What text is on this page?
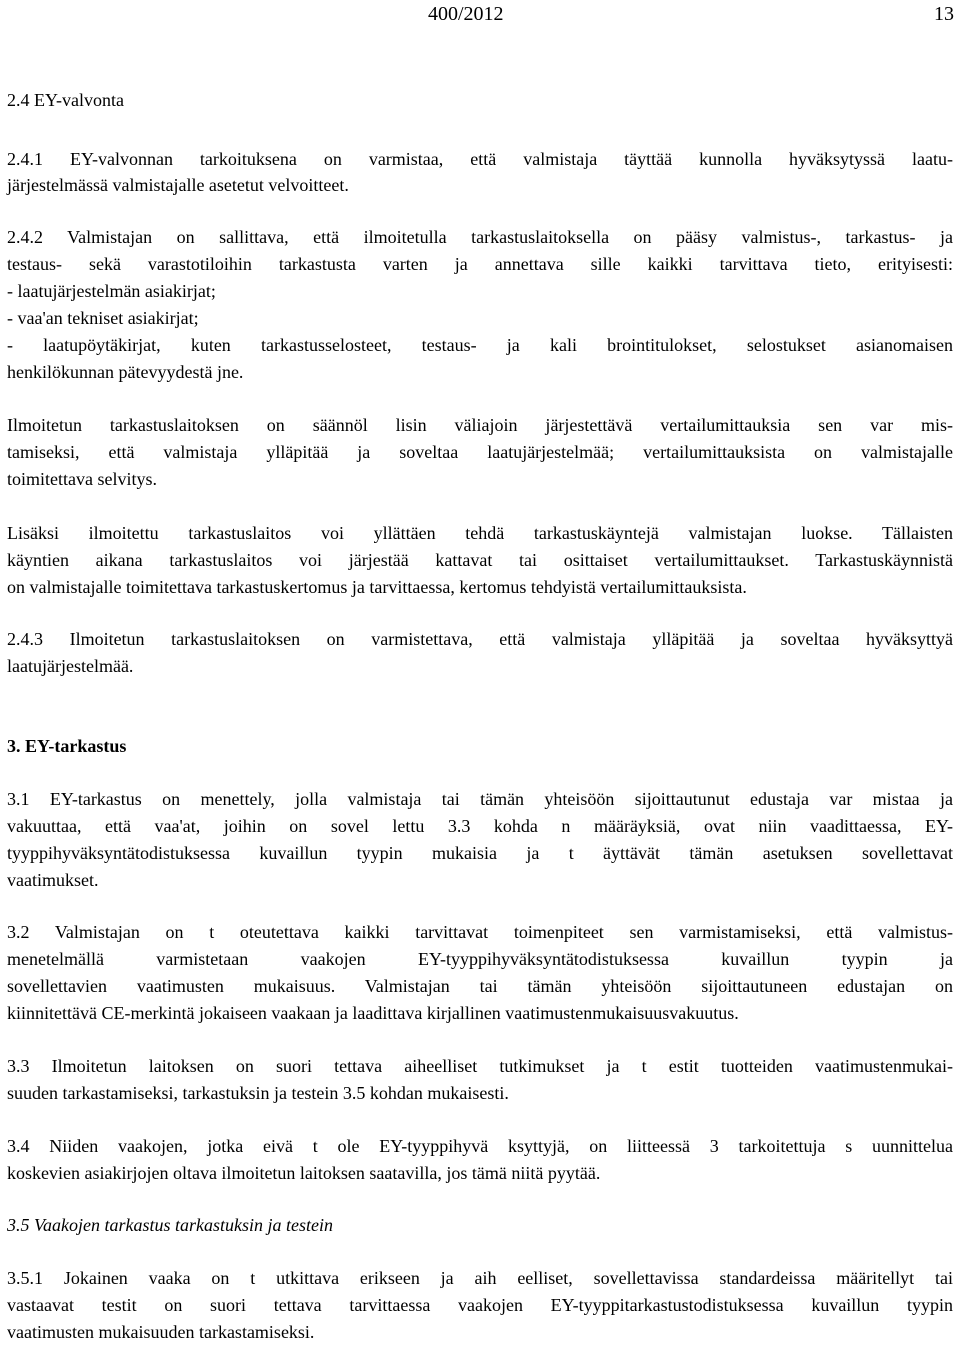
400/2012	13
2.4 EY-valvonta
2.4.1 EY-valvonnan tarkoituksena on varmistaa, että valmistaja täyttää kunnolla hyväksytyssä laatu-
järjestelmässä valmistajalle asetetut velvoitteet.
2.4.2 Valmistajan on sallittava, että ilmoitetulla tarkastuslaitoksella on pääsy valmistus-, tarkastus- ja
testaus- sekä varastotiloihin tarkastusta varten ja annettava sille kaikki tarvittava tieto, erityisesti:
- laatujärjestelmän asiakirjat;
- vaa'an tekniset asiakirjat;
- laatupöytäkirjat, kuten tarkastusselosteet, testaus- ja kali brointitulokset, selostukset asianomaisen
henkilökunnan pätevyydestä jne.
Ilmoitetun tarkastuslaitoksen on säännöl lisin väliajoin järjestettävä vertailumittauksia sen var mis-
tamiseksi, että valmistaja ylläpitää ja soveltaa laatujärjestelmää; vertailumittauksista on valmistajalle
toimitettava selvitys.
Lisäksi ilmoitettu tarkastuslaitos voi yllättäen tehdä tarkastuskäyntejä valmistajan luokse. Tällaisten
käyntien aikana tarkastuslaitos voi järjestää kattavat tai osittaiset vertailumittaukset. Tarkastuskäynnistä
on valmistajalle toimitettava tarkastuskertomus ja tarvittaessa, kertomus tehdyistä vertailumittauksista.
2.4.3 Ilmoitetun tarkastuslaitoksen on varmistettava, että valmistaja ylläpitää ja soveltaa hyväksyttyä
laatujärjestelmää.
3. EY-tarkastus
3.1 EY-tarkastus on menettely, jolla valmistaja tai tämän yhteisöön sijoittautunut edustaja var mistaa ja
vakuuttaa, että vaa'at, joihin on sovel lettu 3.3 kohda n määräyksiä, ovat niin vaadittaessa, EY-
tyyppihyväksyntätodistuksessa kuvaillun tyypin mukaisia ja t äyttävät tämän asetuksen sovellettavat
vaatimukset.
3.2 Valmistajan on t oteutettava kaikki tarvittavat toimenpiteet sen varmistamiseksi, että valmistus-
menetelmällä varmistetaan vaakojen EY-tyyppihyväksyntätodistuksessa kuvaillun tyypin ja
sovellettavien vaatimusten mukaisuus. Valmistajan tai tämän yhteisöön sijoittautuneen edustajan on
kiinnitettävä CE-merkintä jokaiseen vaakaan ja laadittava kirjallinen vaatimustenmukaisuusvakuutus.
3.3 Ilmoitetun laitoksen on suori tettava aiheelliset tutkimukset ja t estit tuotteiden vaatimustenmukai-
suuden tarkastamiseksi, tarkastuksin ja testein 3.5 kohdan mukaisesti.
3.4 Niiden vaakojen, jotka eivä t ole EY-tyyppihyvä ksyttyjä, on liitteessä 3 tarkoitettuja s uunnittelua
koskevien asiakirjojen oltava ilmoitetun laitoksen saatavilla, jos tämä niitä pyytää.
3.5 Vaakojen tarkastus tarkastuksin ja testein
3.5.1 Jokainen vaaka on t utkittava erikseen ja aih eelliset, sovellettavissa standardeissa määritellyt tai
vastaavat testit on suori tettava tarvittaessa vaakojen EY-tyyppitarkastustodistuksessa kuvaillun tyypin
vaatimusten mukaisuuden tarkastamiseksi.
